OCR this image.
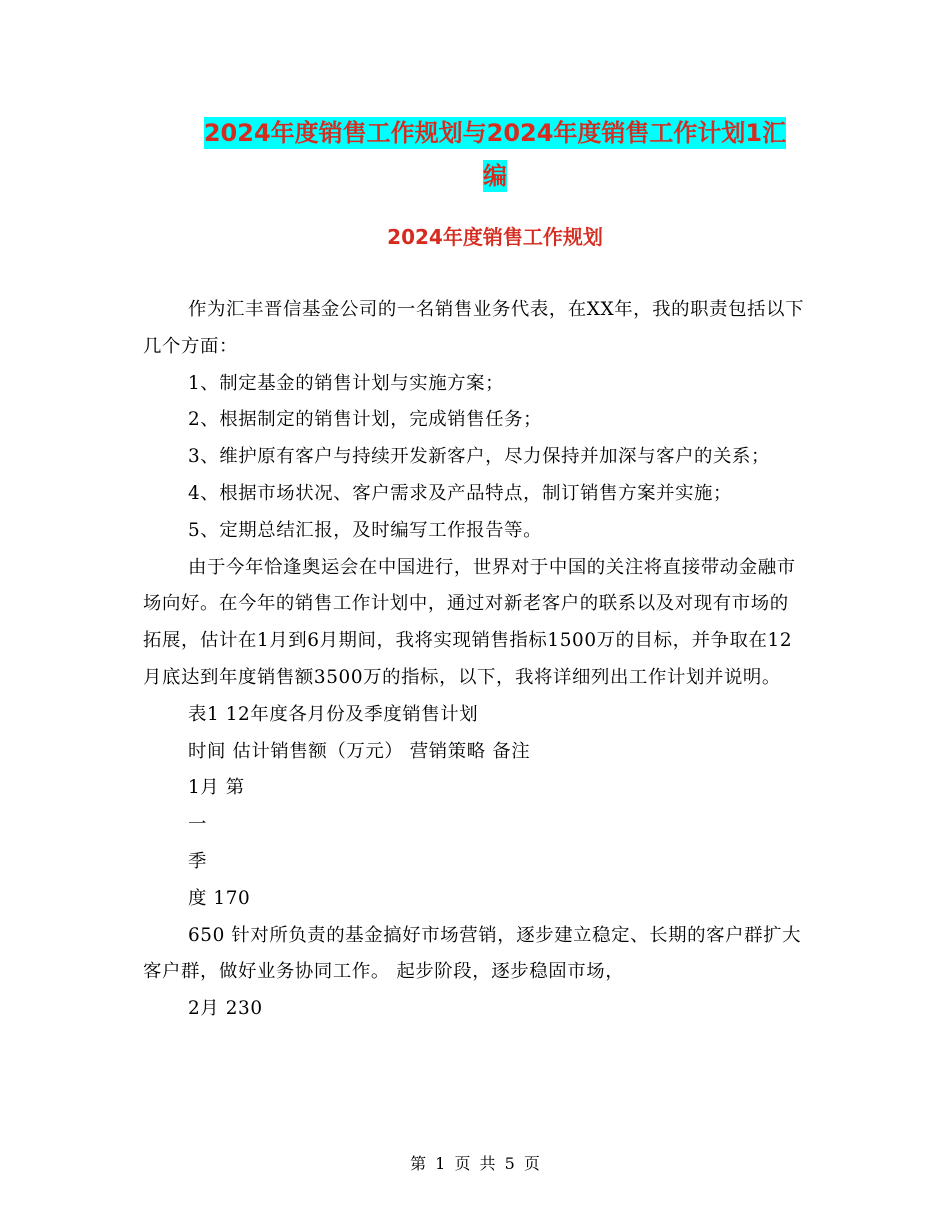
2024年度销售工作规划与2024年度销售工作计划1汇
编
2024年度销售工作规划

作为汇丰晋信基金公司的一名销售业务代表，在XX年，我的职责包括以下几个方面：

1、制定基金的销售计划与实施方案；

2、根据制定的销售计划，完成销售任务；

3、维护原有客户与持续开发新客户，尽力保持并加深与客户的关系；

4、根据市场状况、客户需求及产品特点，制订销售方案并实施；

5、定期总结汇报，及时编写工作报告等。

由于今年恰逢奥运会在中国进行，世界对于中国的关注将直接带动金融市场向好。在今年的销售工作计划中，通过对新老客户的联系以及对现有市场的拓展，估计在1月到6月期间，我将实现销售指标1500万的目标，并争取在12月底达到年度销售额3500万的指标，以下，我将详细列出工作计划并说明。

表1 12年度各月份及季度销售计划

时间 估计销售额（万元） 营销策略 备注

1月 第

一

季

度 170

650 针对所负责的基金搞好市场营销，逐步建立稳定、长期的客户群扩大客户群，做好业务协同工作。 起步阶段，逐步稳固市场，

2月 230

第 1 页 共 5 页
